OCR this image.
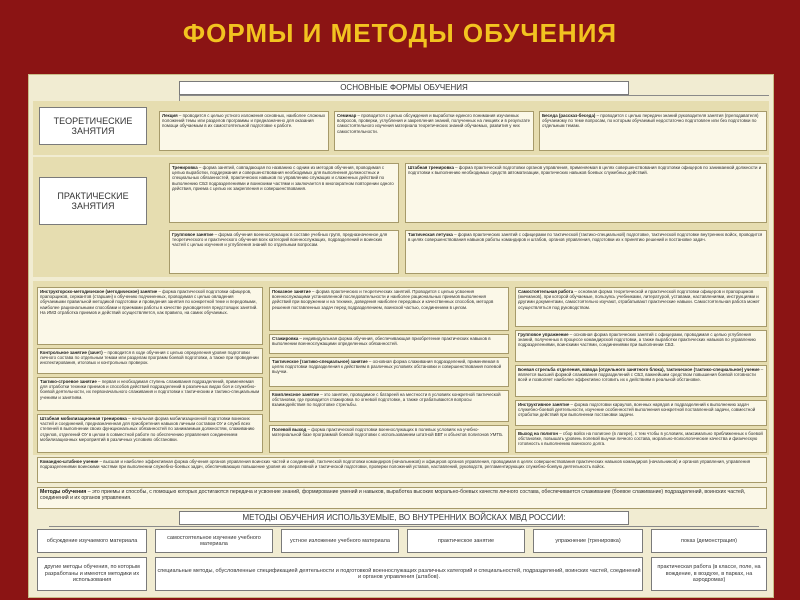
ФОРМЫ И МЕТОДЫ ОБУЧЕНИЯ
ОСНОВНЫЕ ФОРМЫ ОБУЧЕНИЯ
ТЕОРЕТИЧЕСКИЕ ЗАНЯТИЯ
Лекция – проводится с целью устного изложения основных, наиболее сложных положений темы или разделов программы и предназначено для оказания помощи обучаемым в их самостоятельной подготовке к работе.
Семинар – проводится с целью обсуждения и выработки единого понимания изучаемых вопросов, проверки, углубления и закрепления знаний, полученных на лекциях и в результате самостоятельного изучения материала теоретических знаний обучаемых, развития у них самостоятельности.
Беседа (рассказ-беседа) – проводится с целью передачи знаний руководителя занятия (преподавателя) обучаемому по теме вопросам, по которым обучаемый недостаточно подготовлен или без подготовки по отдельным темам.
ПРАКТИЧЕСКИЕ ЗАНЯТИЯ
Тренировка – форма занятий, совпадающая по названию с одним из методов обучения, проводимая с целью выработки, поддержания и совершенствования необходимых для выполнения должностных и специальных обязанностей, практических навыков по управлению служащих и слаженных действий по выполнению СБЗ подразделениями и воинскими частями и заключается в многократном повторении одного действия, приема с целью их закрепления и совершенствования.
Штабная тренировка – форма практической подготовки органов управления, применяемая в целях совершенствования подготовки офицеров по занимаемой должности и подготовки к выполнению необходимых средств автоматизации, практических навыков боевых служебных действий.
Групповое занятие – форма обучения военнослужащих в составе учебных групп, предназначенное для теоретического и практического обучения всех категорий военнослужащих, подразделений и воинских частей с целью изучения и углубления знаний по отдельным вопросам.
Тактическая летучка – форма практических занятий с офицерами по тактической (тактико-специальной) подготовке, тактической подготовке внутренних войск, проводится в целях совершенствования навыков работы командиров и штабов, органов управления, подготовки их к принятию решений и постановке задач.
Инструкторско-методическое (методическое) занятие – форма практической подготовки офицеров, прапорщиков, сержантов (старшин) к обучению подчиненных, проводимая с целью овладения обучаемыми правильной методикой подготовки и проведения занятия по конкретной теме и передовыми, наиболее рациональными способами и приемами работы в качестве руководителя предстоящих занятий. На ИМЗ отработка приемов и действий осуществляется, как правило, на самих обучаемых.
Контрольное занятие (зачет) – проводится в ходе обучения с целью определения уровня подготовки личного состава по отдельным темам или разделам программ боевой подготовки, а также при проведении инспектирования, итоговых и контрольных проверок.
Тактико-строевое занятие – первая и необходимая ступень слаживания подразделений, применяемая для отработки техники приемов и способов действий подразделений в различных видах боя и служебно-боевой деятельности, их первоначального слаживания и подготовки к тактическим и тактико-специальным учениям и занятиям.
Штабная мобилизационная тренировка – начальная форма мобилизационной подготовки воинских частей и соединений, предназначенная для приобретения навыков личным составом ОУ и служб всех степеней в выполнении своих функциональных обязанностей по занимаемым должностям, слаживанию отделов, отделений ОУ в целом в совместной работе по обеспечению управления соединением мобилизационных мероприятий в различных условиях обстановки.
Показное занятие – форма практических и теоретических занятий. Проводится с целью усвоения военнослужащими установленной последовательности и наиболее рациональных приемов выполнения действий при вооружении и на технике, доведения наиболее передовых и качественных способов, методов решения поставленных задач перед подразделением, воинской частью, соединением в целом.
Стажировка – индивидуальная форма обучения, обеспечивающая приобретение практических навыков в выполнении военнослужащими определенных обязанностей.
Тактическое (тактико-специальное) занятие – основная форма слаживания подразделений, применяемая в целях подготовки подразделения к действиям в различных условиях обстановки и совершенствования полевой выучки.
Комплексное занятие – это занятие, проводимое с батареей на местности в условиях конкретной тактической обстановки, где проводится стажировка по огневой подготовке, а также отрабатываются вопросы взаимодействия по подготовке стрельбы.
Полевой выход – форма практической подготовки военнослужащих в полевых условиях на учебно-материальной базе программой боевой подготовки с использованием штатной ВВТ и объектов полигонов УМТБ.
Самостоятельная работа – основная форма теоретической и практической подготовки офицеров и прапорщиков (мичманов), при которой обучаемые, пользуясь учебниками, литературой, уставами, наставлениями, инструкциями и другими документами, самостоятельно изучают, отрабатывают практические навыки. Самостоятельная работа может осуществляться под руководством.
Групповое упражнение – основная форма практических занятий с офицерами, проводимая с целью углубления знаний, полученных в процессе командирской подготовки, а также выработки практических навыков по управлению подразделениями, воинскими частями, соединениями при выполнении СБЗ.
Боевая стрельба отделения, взвода (отдельного занятного блока), тактическое (тактико-специальное) учение – является высшей формой слаживания подразделений с СБЗ, важнейшим средством повышения боевой готовности всей и позволяет наиболее эффективно готовить их к действиям в реальной обстановке.
Инструктивное занятие – форма подготовки караулов, военных нарядов и подразделений к выполнению задач служебно-боевой деятельности, изучение особенностей выполнения конкретной поставленной задачи, совместной отработки действий при выполнении постановки задачи.
Выход на полигон – сбор войск на полигоне (в лагере), с тем чтобы в условиях, максимально приближенных к боевой обстановке, повышать уровень полевой выучки личного состава, морально-психологические качества и физическую готовность к выполнению воинского долга.
Командно-штабное учение – высшая и наиболее эффективная форма обучения органов управления воинских частей и соединений, тактической подготовки командиров (начальников) и офицеров органов управления, проводимая в целях совершенствования практических навыков командиров (начальников) и органов управления, управления подразделениями воинскими частями при выполнении служебно-боевых задач, обеспечивающих повышение уровня их оперативной и тактической подготовки, проверки положений уставов, наставлений, руководств, регламентирующих служебно-боевую деятельность войск.
Методы обучения – это приемы и способы, с помощью которых достигаются передача и усвоение знаний, формирование умений и навыков, выработка высоких морально-боевых качеств личного состава, обеспечивается слаживание (боевое слаживание) подразделений, воинских частей, соединений и их органов управления.
МЕТОДЫ ОБУЧЕНИЯ ИСПОЛЬЗУЕМЫЕ, ВО ВНУТРЕННИХ ВОЙСКАХ МВД РОССИИ:
обсуждение изучаемого материала
самостоятельное изучение учебного материала
устное изложение учебного материала	практическое занятие	упражнение (тренировка)	показ (демонстрация)
другие методы обучения, по которым разработаны и имеются методики их использования
специальные методы, обусловленные спецификацией деятельности и подготовкой военнослужащих различных категорий и специальностей, подразделений, воинских частей, соединений и органов управления (штабов).
практическая работа (в классе, поле, на вождение, в воздухе, в парках, на аэродромах)
